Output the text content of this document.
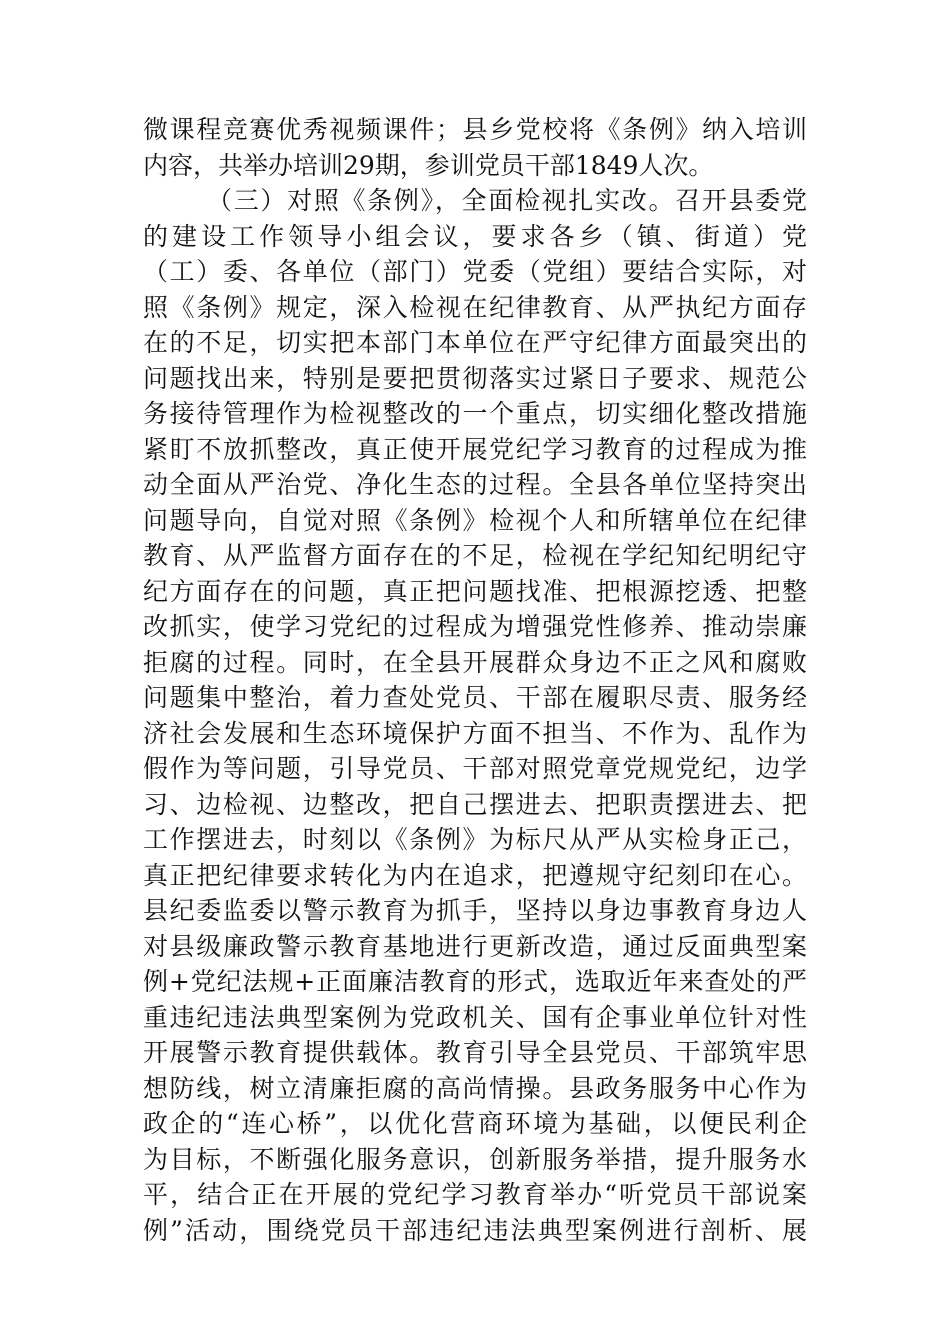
微课程竞赛优秀视频课件；县乡党校将《条例》纳入培训
内容，共举办培训29期，参训党员干部1849人次。
（三）对照《条例》，全面检视扎实改。召开县委党
的建设工作领导小组会议，要求各乡（镇、街道）党
（工）委、各单位（部门）党委（党组）要结合实际，对
照《条例》规定，深入检视在纪律教育、从严执纪方面存
在的不足，切实把本部门本单位在严守纪律方面最突出的
问题找出来，特别是要把贯彻落实过紧日子要求、规范公
务接待管理作为检视整改的一个重点，切实细化整改措施
紧盯不放抓整改，真正使开展党纪学习教育的过程成为推
动全面从严治党、净化生态的过程。全县各单位坚持突出
问题导向，自觉对照《条例》检视个人和所辖单位在纪律
教育、从严监督方面存在的不足，检视在学纪知纪明纪守
纪方面存在的问题，真正把问题找准、把根源挖透、把整
改抓实，使学习党纪的过程成为增强党性修养、推动崇廉
拒腐的过程。同时，在全县开展群众身边不正之风和腐败
问题集中整治，着力查处党员、干部在履职尽责、服务经
济社会发展和生态环境保护方面不担当、不作为、乱作为
假作为等问题，引导党员、干部对照党章党规党纪，边学
习、边检视、边整改，把自己摆进去、把职责摆进去、把
工作摆进去，时刻以《条例》为标尺从严从实检身正己，
真正把纪律要求转化为内在追求，把遵规守纪刻印在心。
县纪委监委以警示教育为抓手，坚持以身边事教育身边人
对县级廉政警示教育基地进行更新改造，通过反面典型案
例+党纪法规+正面廉洁教育的形式，选取近年来查处的严
重违纪违法典型案例为党政机关、国有企事业单位针对性
开展警示教育提供载体。教育引导全县党员、干部筑牢思
想防线，树立清廉拒腐的高尚情操。县政务服务中心作为
政企的“连心桥”，以优化营商环境为基础，以便民利企
为目标，不断强化服务意识，创新服务举措，提升服务水
平，结合正在开展的党纪学习教育举办“听党员干部说案
例”活动，围绕党员干部违纪违法典型案例进行剖析、展
